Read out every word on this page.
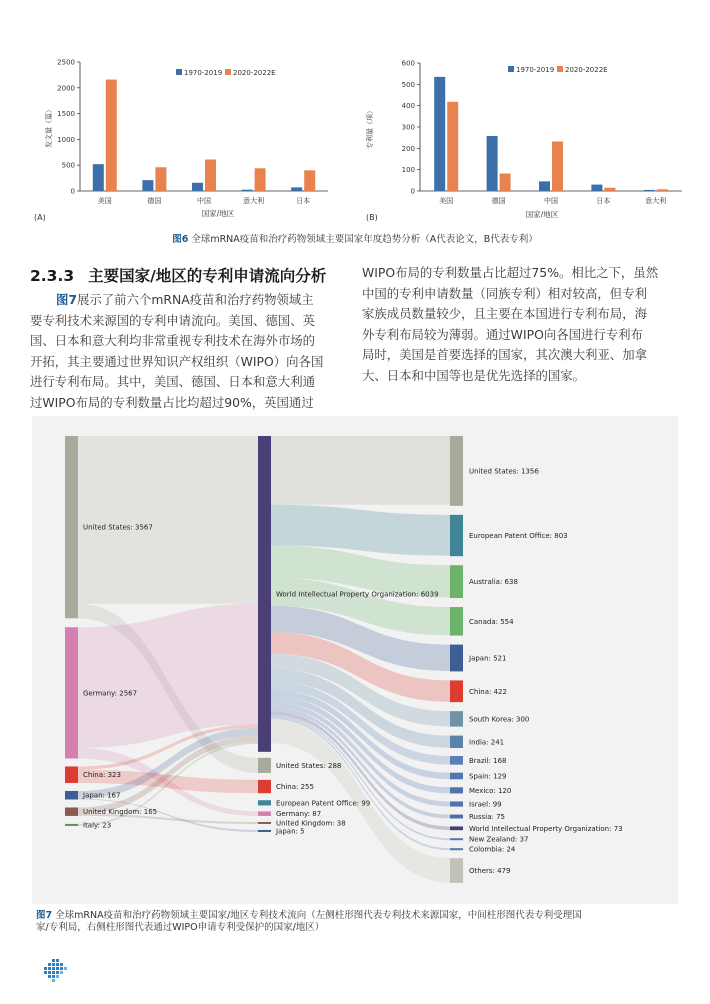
(A)
发文量（篇）
国家/地区
1970-2019 2020-2022E
0
500
1000
1500
2000
2500
美国	德国	中国	意大利	日本
(B)
专利量（项）
国家/地区
1970-2019 2020-2022E
0
100
200
300
400
500
600
美国	德国	中国	日本	意大利
图6 全球mRNA疫苗和治疗药物领域主要国家年度趋势分析（A代表论文，B代表专利）
2.3.3 主要国家/地区的专利申请流向分析
图7展示了前六个mRNA疫苗和治疗药物领域主
要专利技术来源国的专利申请流向。美国、德国、英
国、日本和意大利均非常重视专利技术在海外市场的
开拓，其主要通过世界知识产权组织（WIPO）向各国
进行专利布局。其中，美国、德国、日本和意大利通
过WIPO布局的专利数量占比均超过90%，英国通过
WIPO布局的专利数量占比超过75%。相比之下，虽然
中国的专利申请数量（同族专利）相对较高，但专利
家族成员数量较少，且主要在本国进行专利布局，海
外专利布局较为薄弱。通过WIPO向各国进行专利布
局时，美国是首要选择的国家，其次澳大利亚、加拿
大、日本和中国等也是优先选择的国家。
United States: 3567
Germany: 2567
China: 323
Japan: 167
United Kingdom: 165
Italy: 23
World Intellectual Property Organization: 6039
United States: 288
China: 255
European Patent Office: 99
Germany: 87
United Kingdom: 38
Japan: 5
United States: 1356
European Patent Office: 803
Australia: 638
Canada: 554
Japan: 521
China: 422
South Korea: 300
India: 241
Brazil: 168
Spain: 129
Mexico: 120
Israel: 99
Russia: 75
World Intellectual Property Organization: 73
New Zealand: 37
Colombia: 24
Others: 479
图7 全球mRNA疫苗和治疗药物领域主要国家/地区专利技术流向（左侧柱形图代表专利技术来源国家，中间柱形图代表专利受理国
家/专利局，右侧柱形图代表通过WIPO申请专利受保护的国家/地区）
